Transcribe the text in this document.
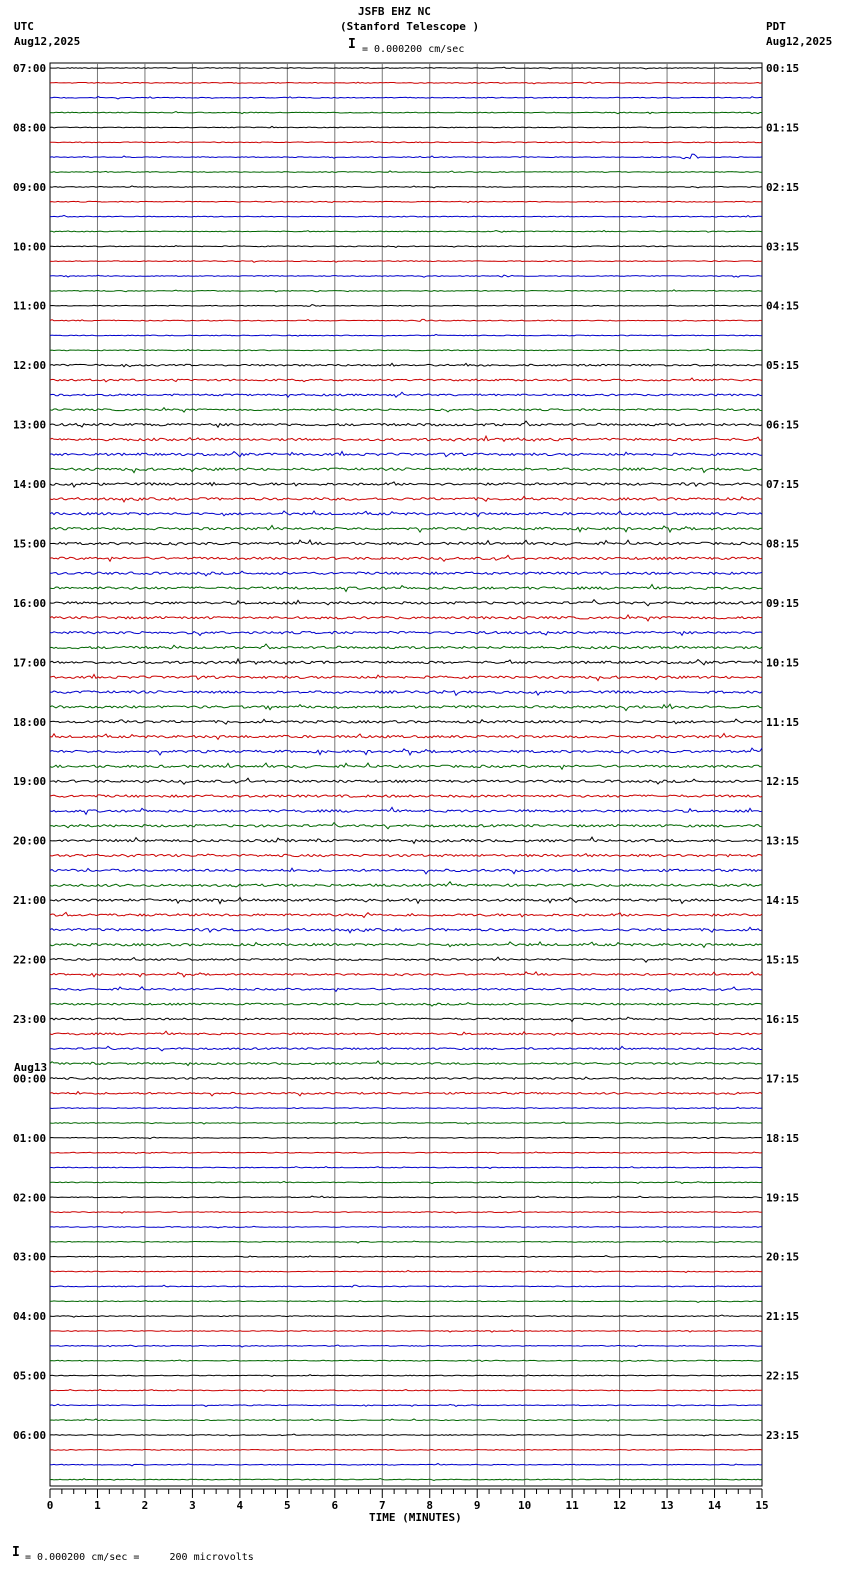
07:00	00:15
08:00	01:15
09:00	02:15
10:00	03:15
11:00	04:15
12:00	05:15
13:00	06:15
14:00	07:15
15:00	08:15
16:00	09:15
17:00	10:15
18:00	11:15
19:00	12:15
20:00	13:15
21:00	14:15
22:00	15:15
23:00	16:15
00:00	17:15
01:00	18:15
02:00	19:15
03:00	20:15
04:00	21:15
05:00	22:15
06:00	23:15
0	1	2	3	4	5	6	7	8	9	10	11	12	13	14	15
JSFB EHZ NC
(Stanford Telescope )
I = 0.000200 cm/sec
UTC
Aug12,2025
PDT
Aug12,2025
Aug13
I = 0.000200 cm/sec =     200 microvolts
TIME (MINUTES)
